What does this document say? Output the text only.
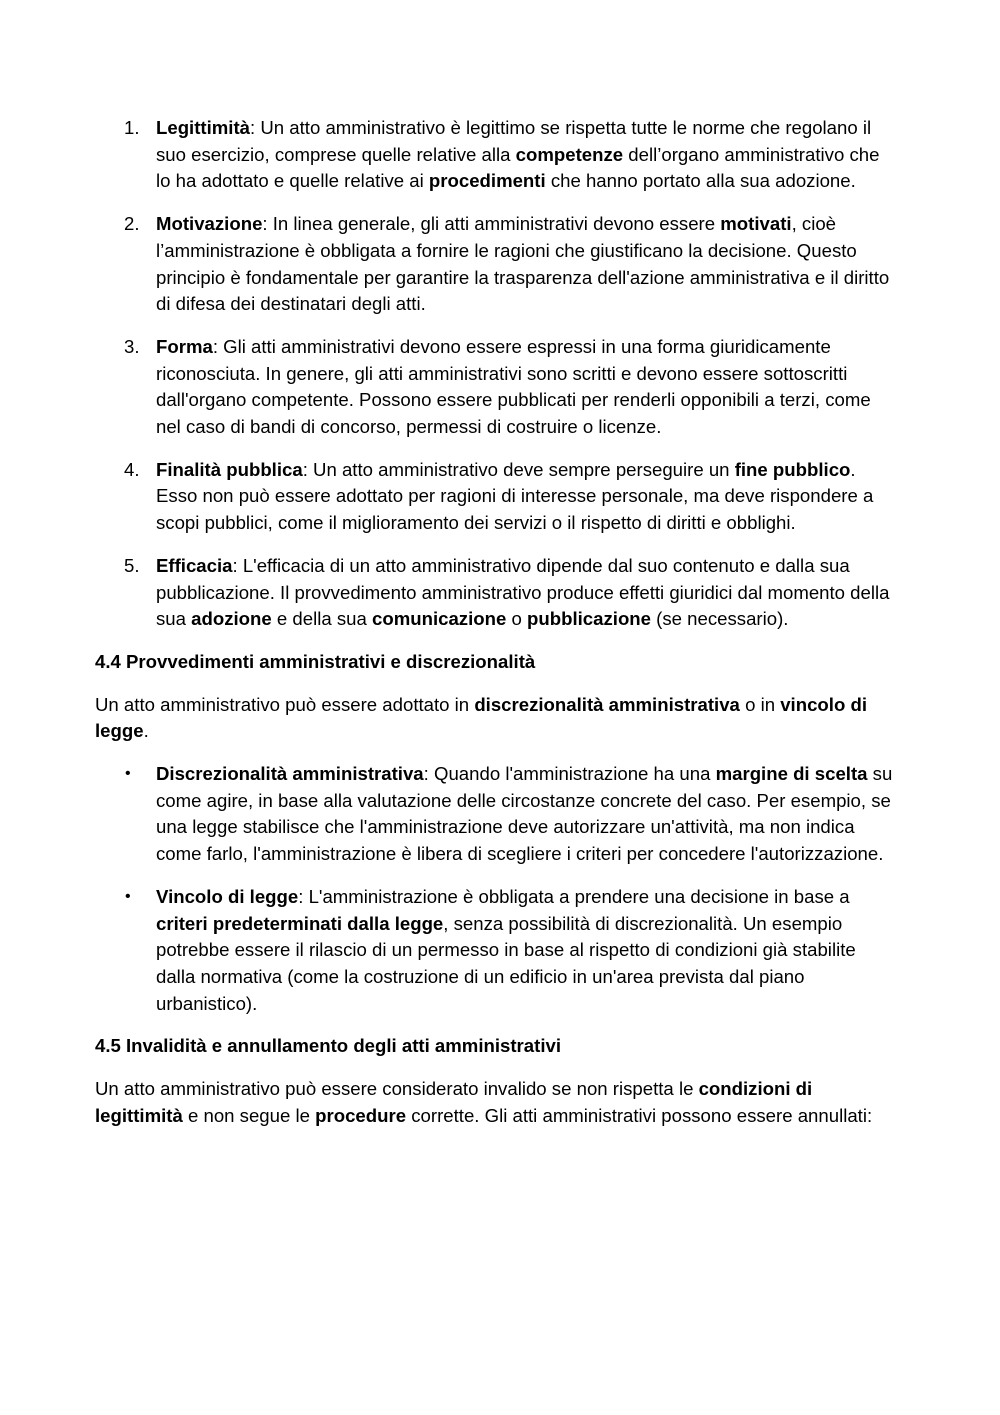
1. Legittimità: Un atto amministrativo è legittimo se rispetta tutte le norme che regolano il suo esercizio, comprese quelle relative alla competenze dell’organo amministrativo che lo ha adottato e quelle relative ai procedimenti che hanno portato alla sua adozione.
2. Motivazione: In linea generale, gli atti amministrativi devono essere motivati, cioè l’amministrazione è obbligata a fornire le ragioni che giustificano la decisione. Questo principio è fondamentale per garantire la trasparenza dell'azione amministrativa e il diritto di difesa dei destinatari degli atti.
3. Forma: Gli atti amministrativi devono essere espressi in una forma giuridicamente riconosciuta. In genere, gli atti amministrativi sono scritti e devono essere sottoscritti dall'organo competente. Possono essere pubblicati per renderli opponibili a terzi, come nel caso di bandi di concorso, permessi di costruire o licenze.
4. Finalità pubblica: Un atto amministrativo deve sempre perseguire un fine pubblico. Esso non può essere adottato per ragioni di interesse personale, ma deve rispondere a scopi pubblici, come il miglioramento dei servizi o il rispetto di diritti e obblighi.
5. Efficacia: L'efficacia di un atto amministrativo dipende dal suo contenuto e dalla sua pubblicazione. Il provvedimento amministrativo produce effetti giuridici dal momento della sua adozione e della sua comunicazione o pubblicazione (se necessario).
4.4 Provvedimenti amministrativi e discrezionalità

Un atto amministrativo può essere adottato in discrezionalità amministrativa o in vincolo di legge.

• Discrezionalità amministrativa: Quando l'amministrazione ha una margine di scelta su come agire, in base alla valutazione delle circostanze concrete del caso. Per esempio, se una legge stabilisce che l'amministrazione deve autorizzare un'attività, ma non indica come farlo, l'amministrazione è libera di scegliere i criteri per concedere l'autorizzazione.
• Vincolo di legge: L'amministrazione è obbligata a prendere una decisione in base a criteri predeterminati dalla legge, senza possibilità di discrezionalità. Un esempio potrebbe essere il rilascio di un permesso in base al rispetto di condizioni già stabilite dalla normativa (come la costruzione di un edificio in un'area prevista dal piano urbanistico).
4.5 Invalidità e annullamento degli atti amministrativi

Un atto amministrativo può essere considerato invalido se non rispetta le condizioni di legittimità e non segue le procedure corrette. Gli atti amministrativi possono essere annullati:
